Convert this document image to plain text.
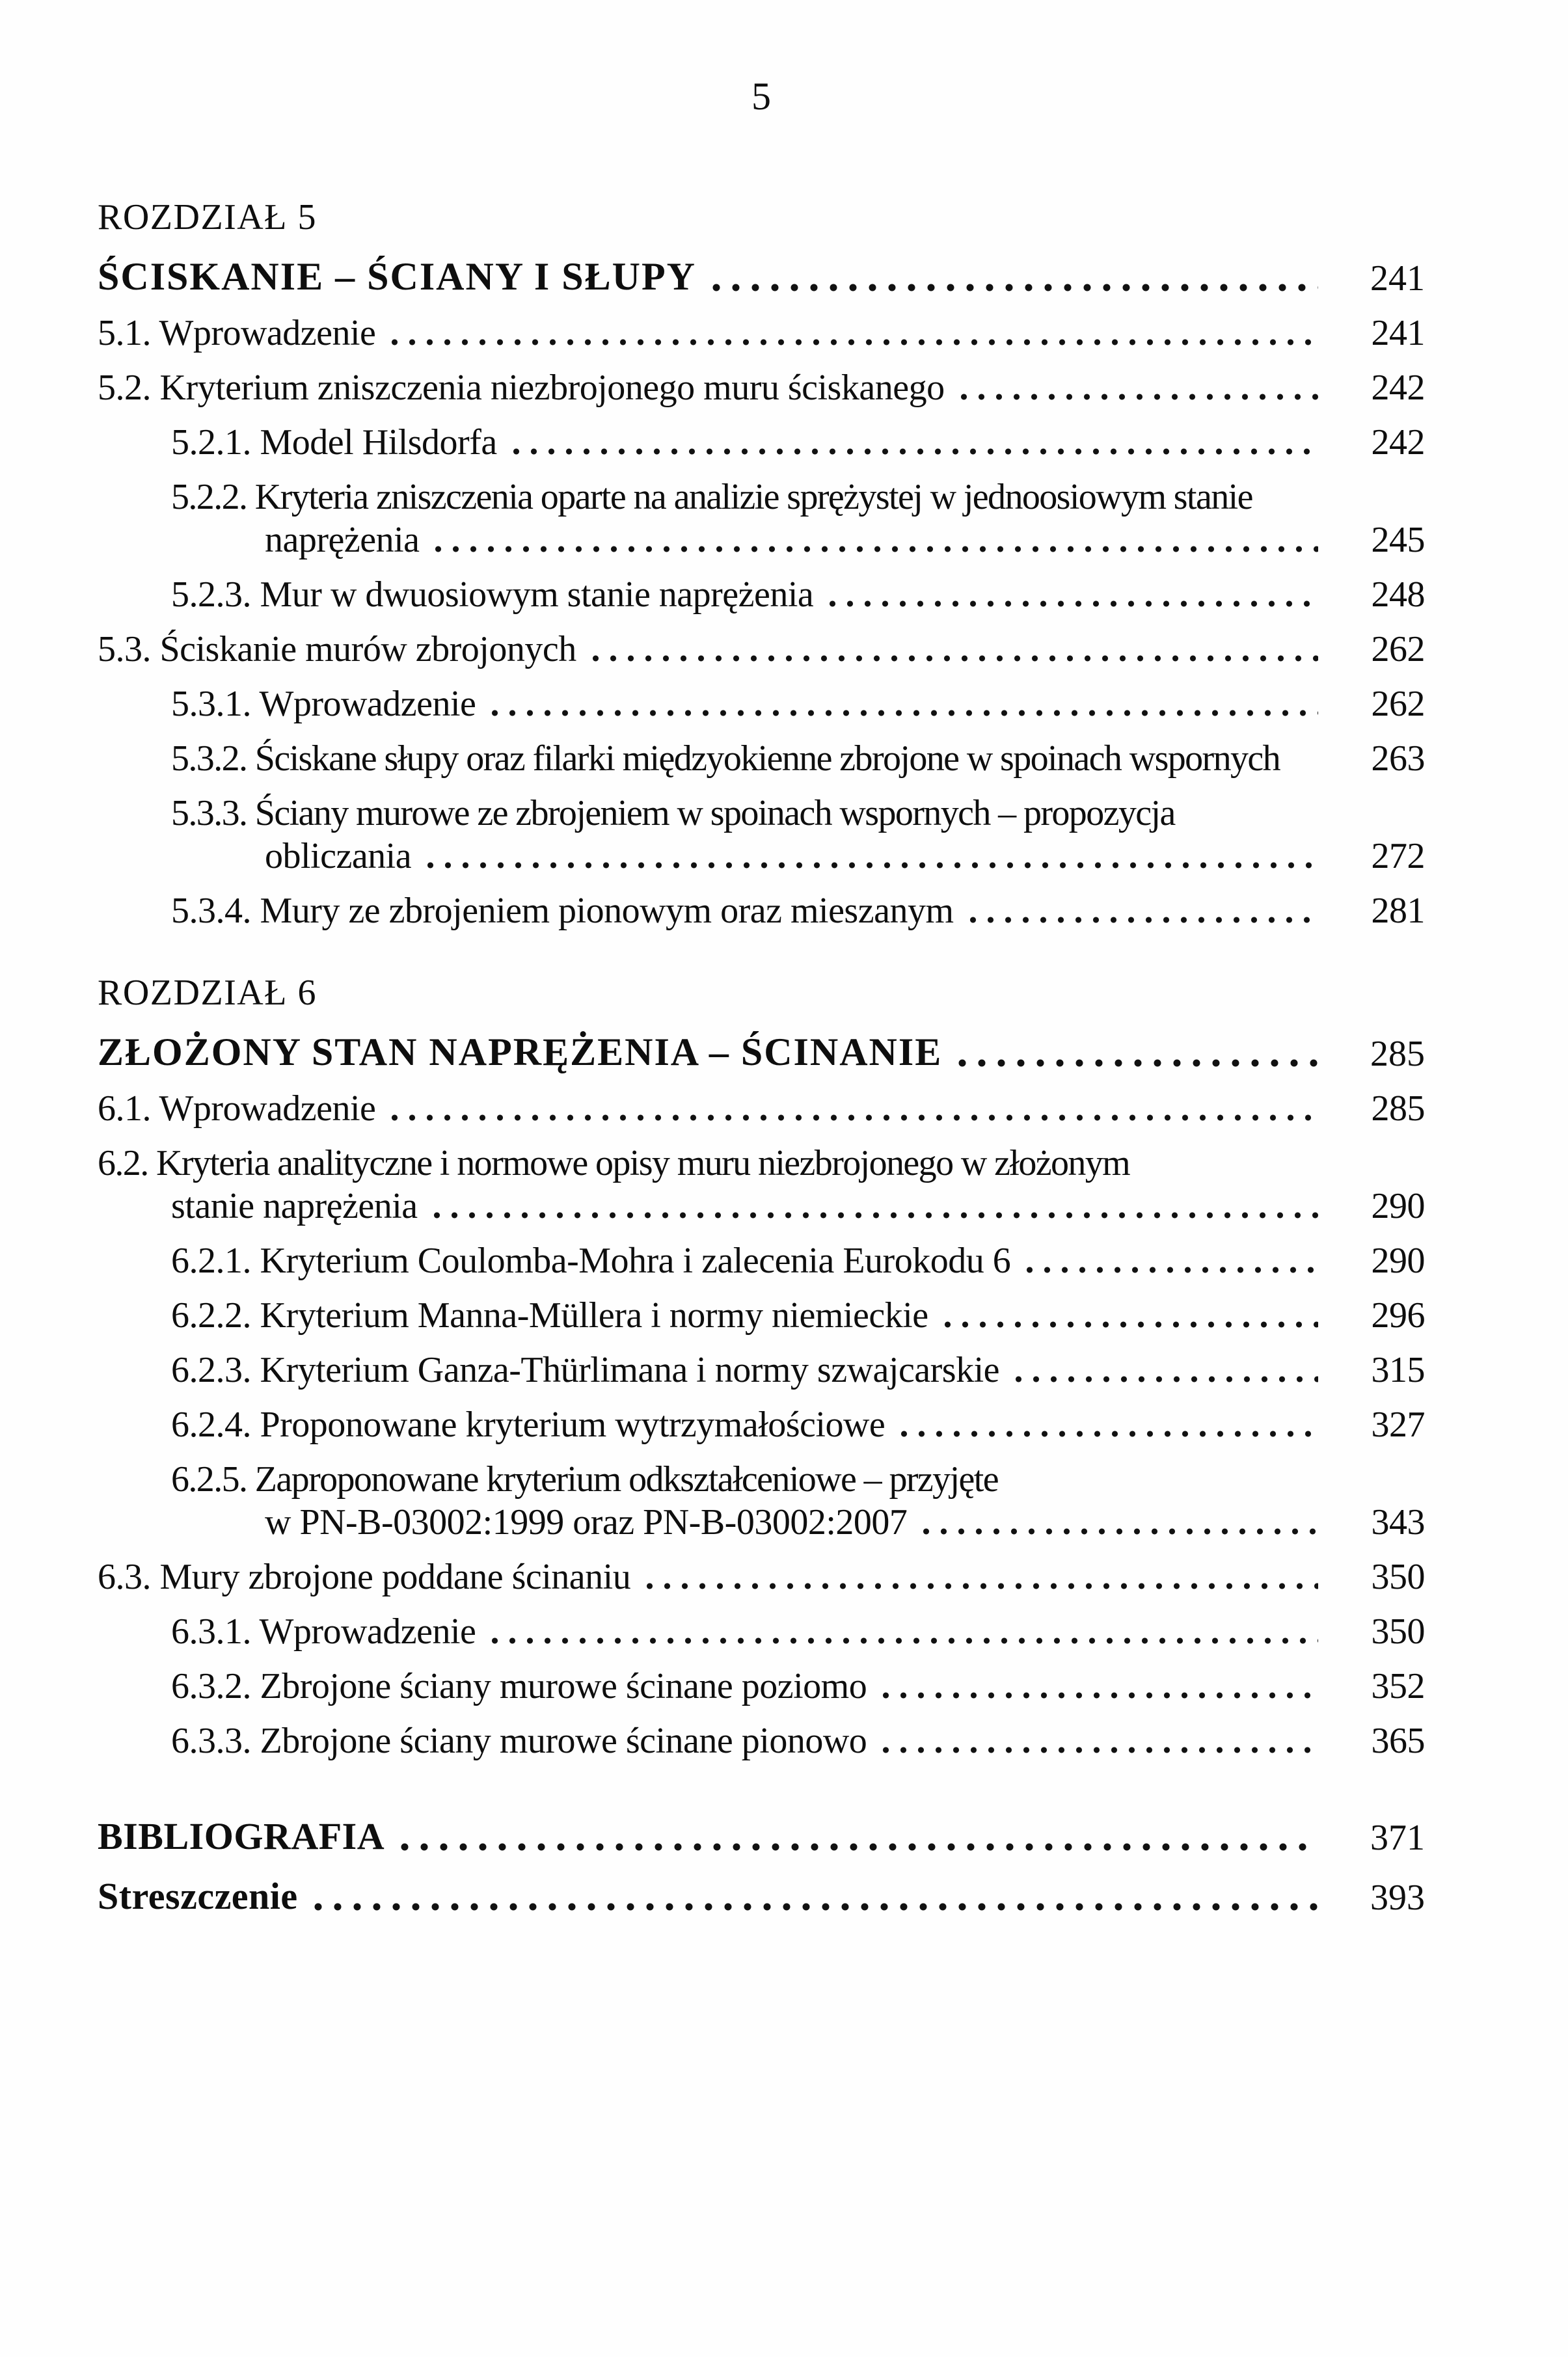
5
ROZDZIAŁ 5
ŚCISKANIE – ŚCIANY I SŁUPY	241
5.1. Wprowadzenie	241
5.2. Kryterium zniszczenia niezbrojonego muru ściskanego	242
5.2.1. Model Hilsdorfa	242
5.2.2. Kryteria zniszczenia oparte na analizie sprężystej w jednoosiowym stanie
naprężenia	245
5.2.3. Mur w dwuosiowym stanie naprężenia	248
5.3. Ściskanie murów zbrojonych	262
5.3.1. Wprowadzenie	262
5.3.2. Ściskane słupy oraz filarki międzyokienne zbrojone w spoinach wspornych	263
5.3.3. Ściany murowe ze zbrojeniem w spoinach wspornych – propozycja
obliczania	272
5.3.4. Mury ze zbrojeniem pionowym oraz mieszanym	281
ROZDZIAŁ 6
ZŁOŻONY STAN NAPRĘŻENIA – ŚCINANIE	285
6.1. Wprowadzenie	285
6.2. Kryteria analityczne i normowe opisy muru niezbrojonego w złożonym
stanie naprężenia	290
6.2.1. Kryterium Coulomba-Mohra i zalecenia Eurokodu 6	290
6.2.2. Kryterium Manna-Müllera i normy niemieckie	296
6.2.3. Kryterium Ganza-Thürlimana i normy szwajcarskie	315
6.2.4. Proponowane kryterium wytrzymałościowe	327
6.2.5. Zaproponowane kryterium odkształceniowe – przyjęte
w PN-B-03002:1999 oraz PN-B-03002:2007	343
6.3. Mury zbrojone poddane ścinaniu	350
6.3.1. Wprowadzenie	350
6.3.2. Zbrojone ściany murowe ścinane poziomo	352
6.3.3. Zbrojone ściany murowe ścinane pionowo	365
BIBLIOGRAFIA	371
Streszczenie	393
